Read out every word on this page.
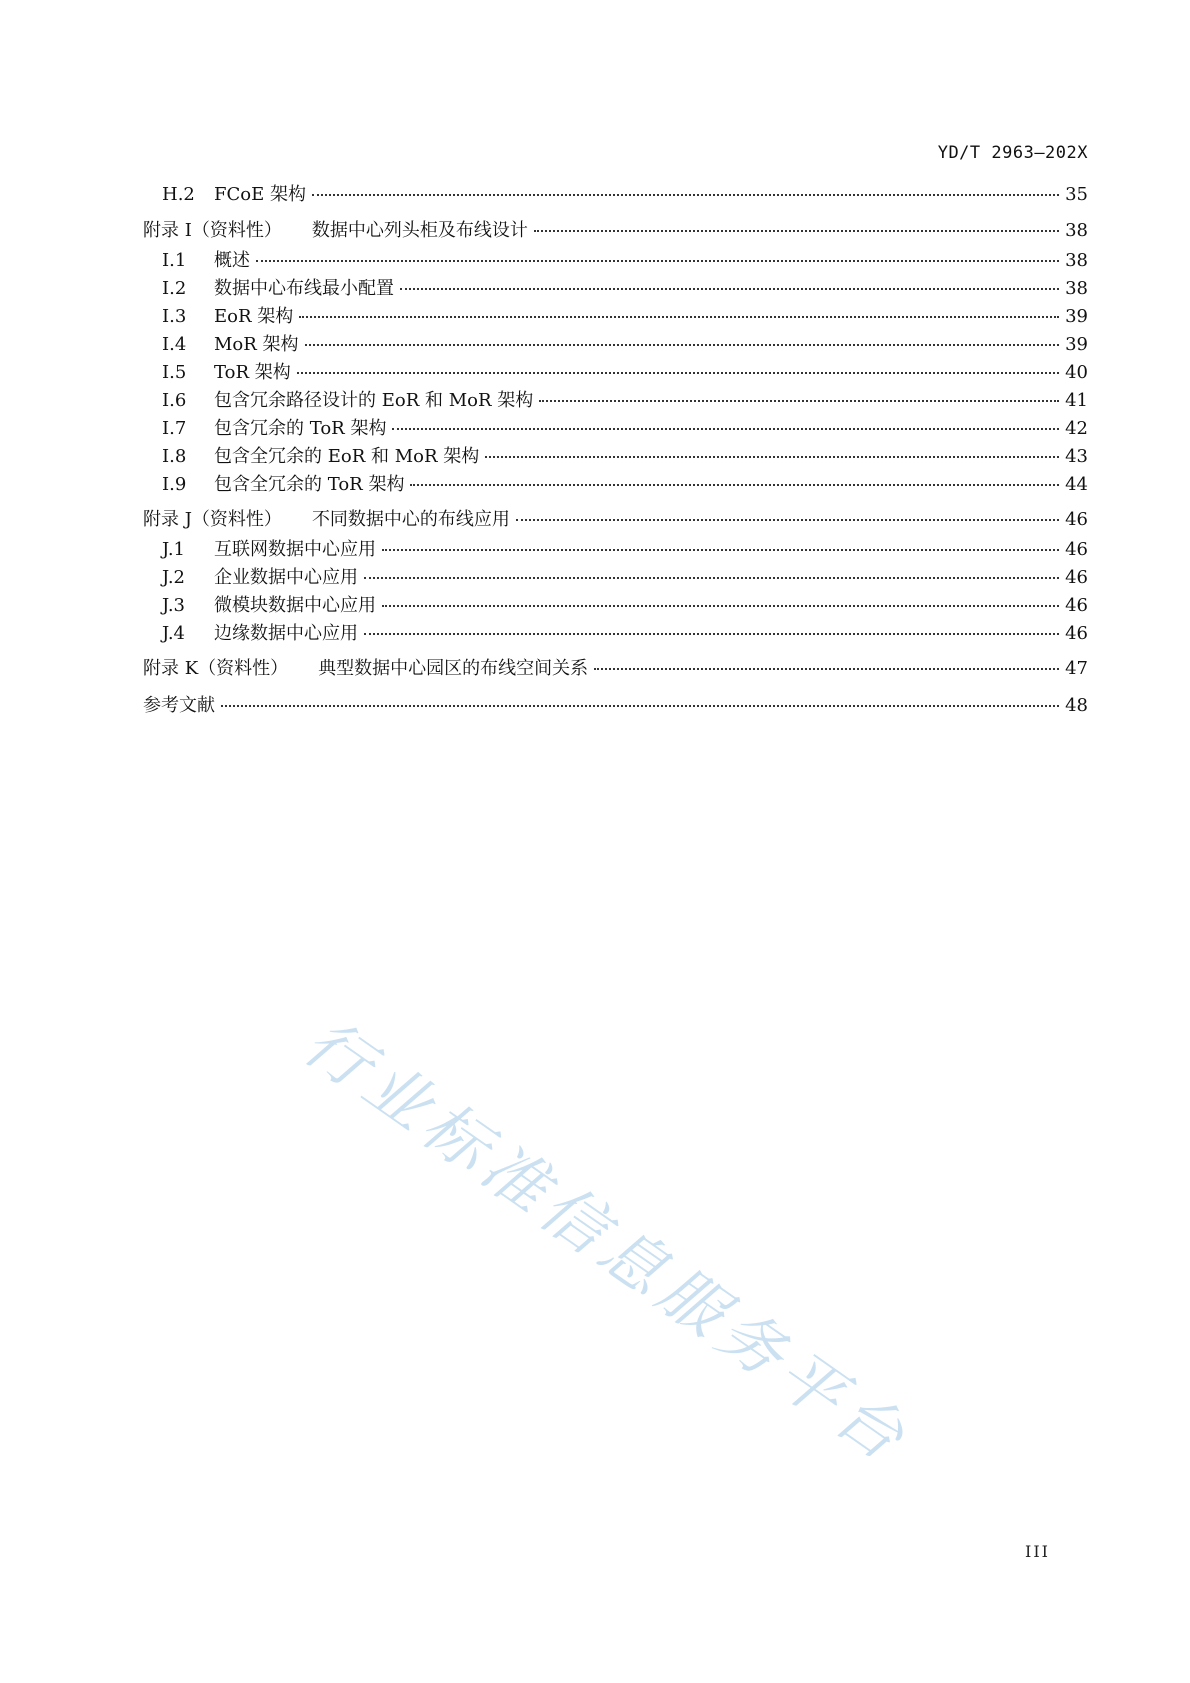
YD/T 2963—202X
H.2	FCoE 架构	35
附录 I（资料性） 数据中心列头柜及布线设计	38
I.1	概述	38
I.2	数据中心布线最小配置	38
I.3	EoR 架构	39
I.4	MoR 架构	39
I.5	ToR 架构	40
I.6	包含冗余路径设计的 EoR 和 MoR 架构	41
I.7	包含冗余的 ToR 架构	42
I.8	包含全冗余的 EoR 和 MoR 架构	43
I.9	包含全冗余的 ToR 架构	44
附录 J（资料性） 不同数据中心的布线应用	46
J.1	互联网数据中心应用	46
J.2	企业数据中心应用	46
J.3	微模块数据中心应用	46
J.4	边缘数据中心应用	46
附录 K（资料性） 典型数据中心园区的布线空间关系	47
参考文献	48
行业标准信息服务平台
III
